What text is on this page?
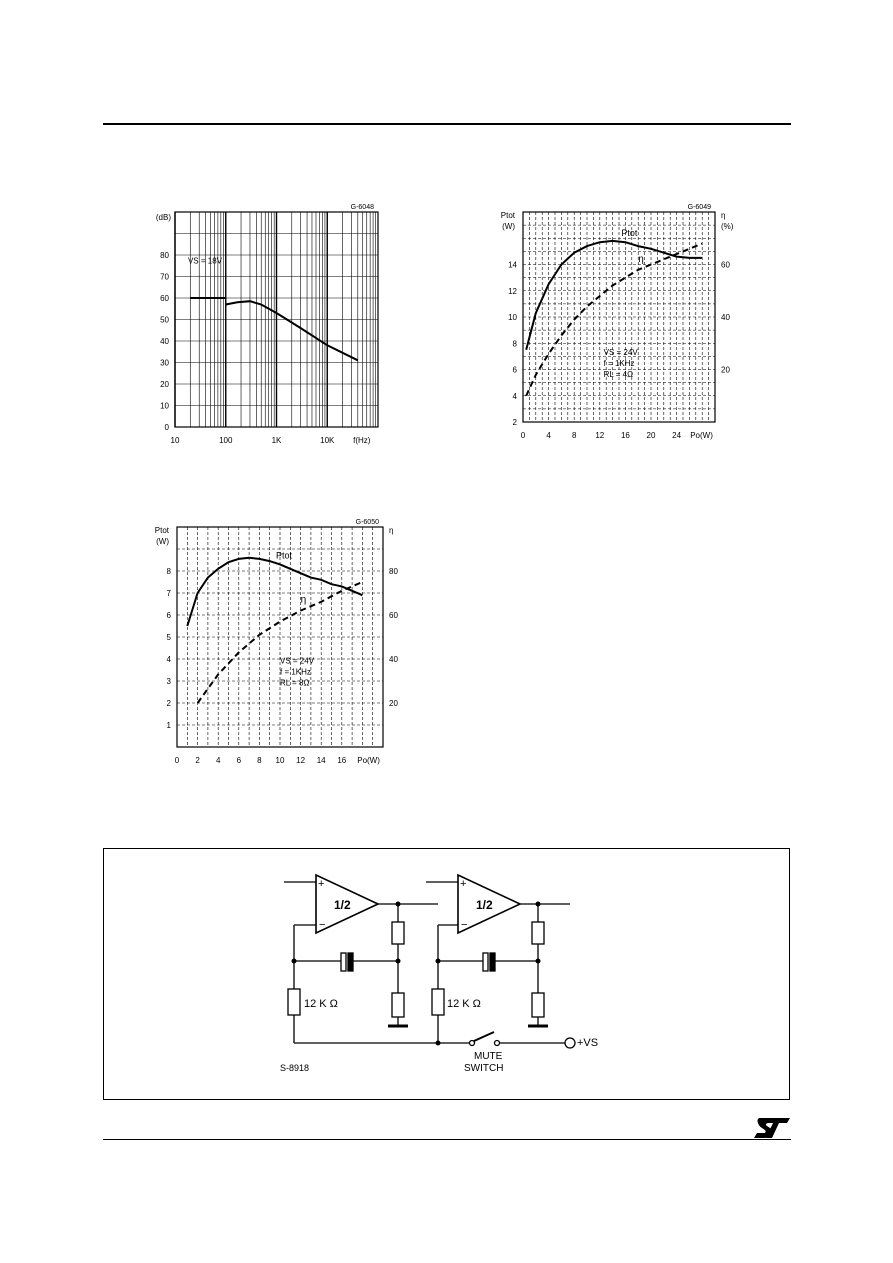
10	100	1K	10K f(Hz)
0
10
20
30
40
50
60
70
80
(dB)
G-6048
VS = 18V
0	4	8 12 16 20 24 Po(W)
2
4
6
8
10
12
14
20
40
60
Ptot
(W)
η
(%)
G-6049
VS = 24V
f = 1KHz
RL = 4Ω
Ptot
η
0 2 4 6 8 10 12 14 16 Po(W)
1
2
3
4
5
6
7
8
20
40
60
80
Ptot
(W)
η
G-6050
VS = 24V
f = 1KHz
RL = 8Ω
Ptot
η
1/2
+
−
1/2
+
−
12 K Ω	12 K Ω
S-8918
MUTE
SWITCH
+VS
